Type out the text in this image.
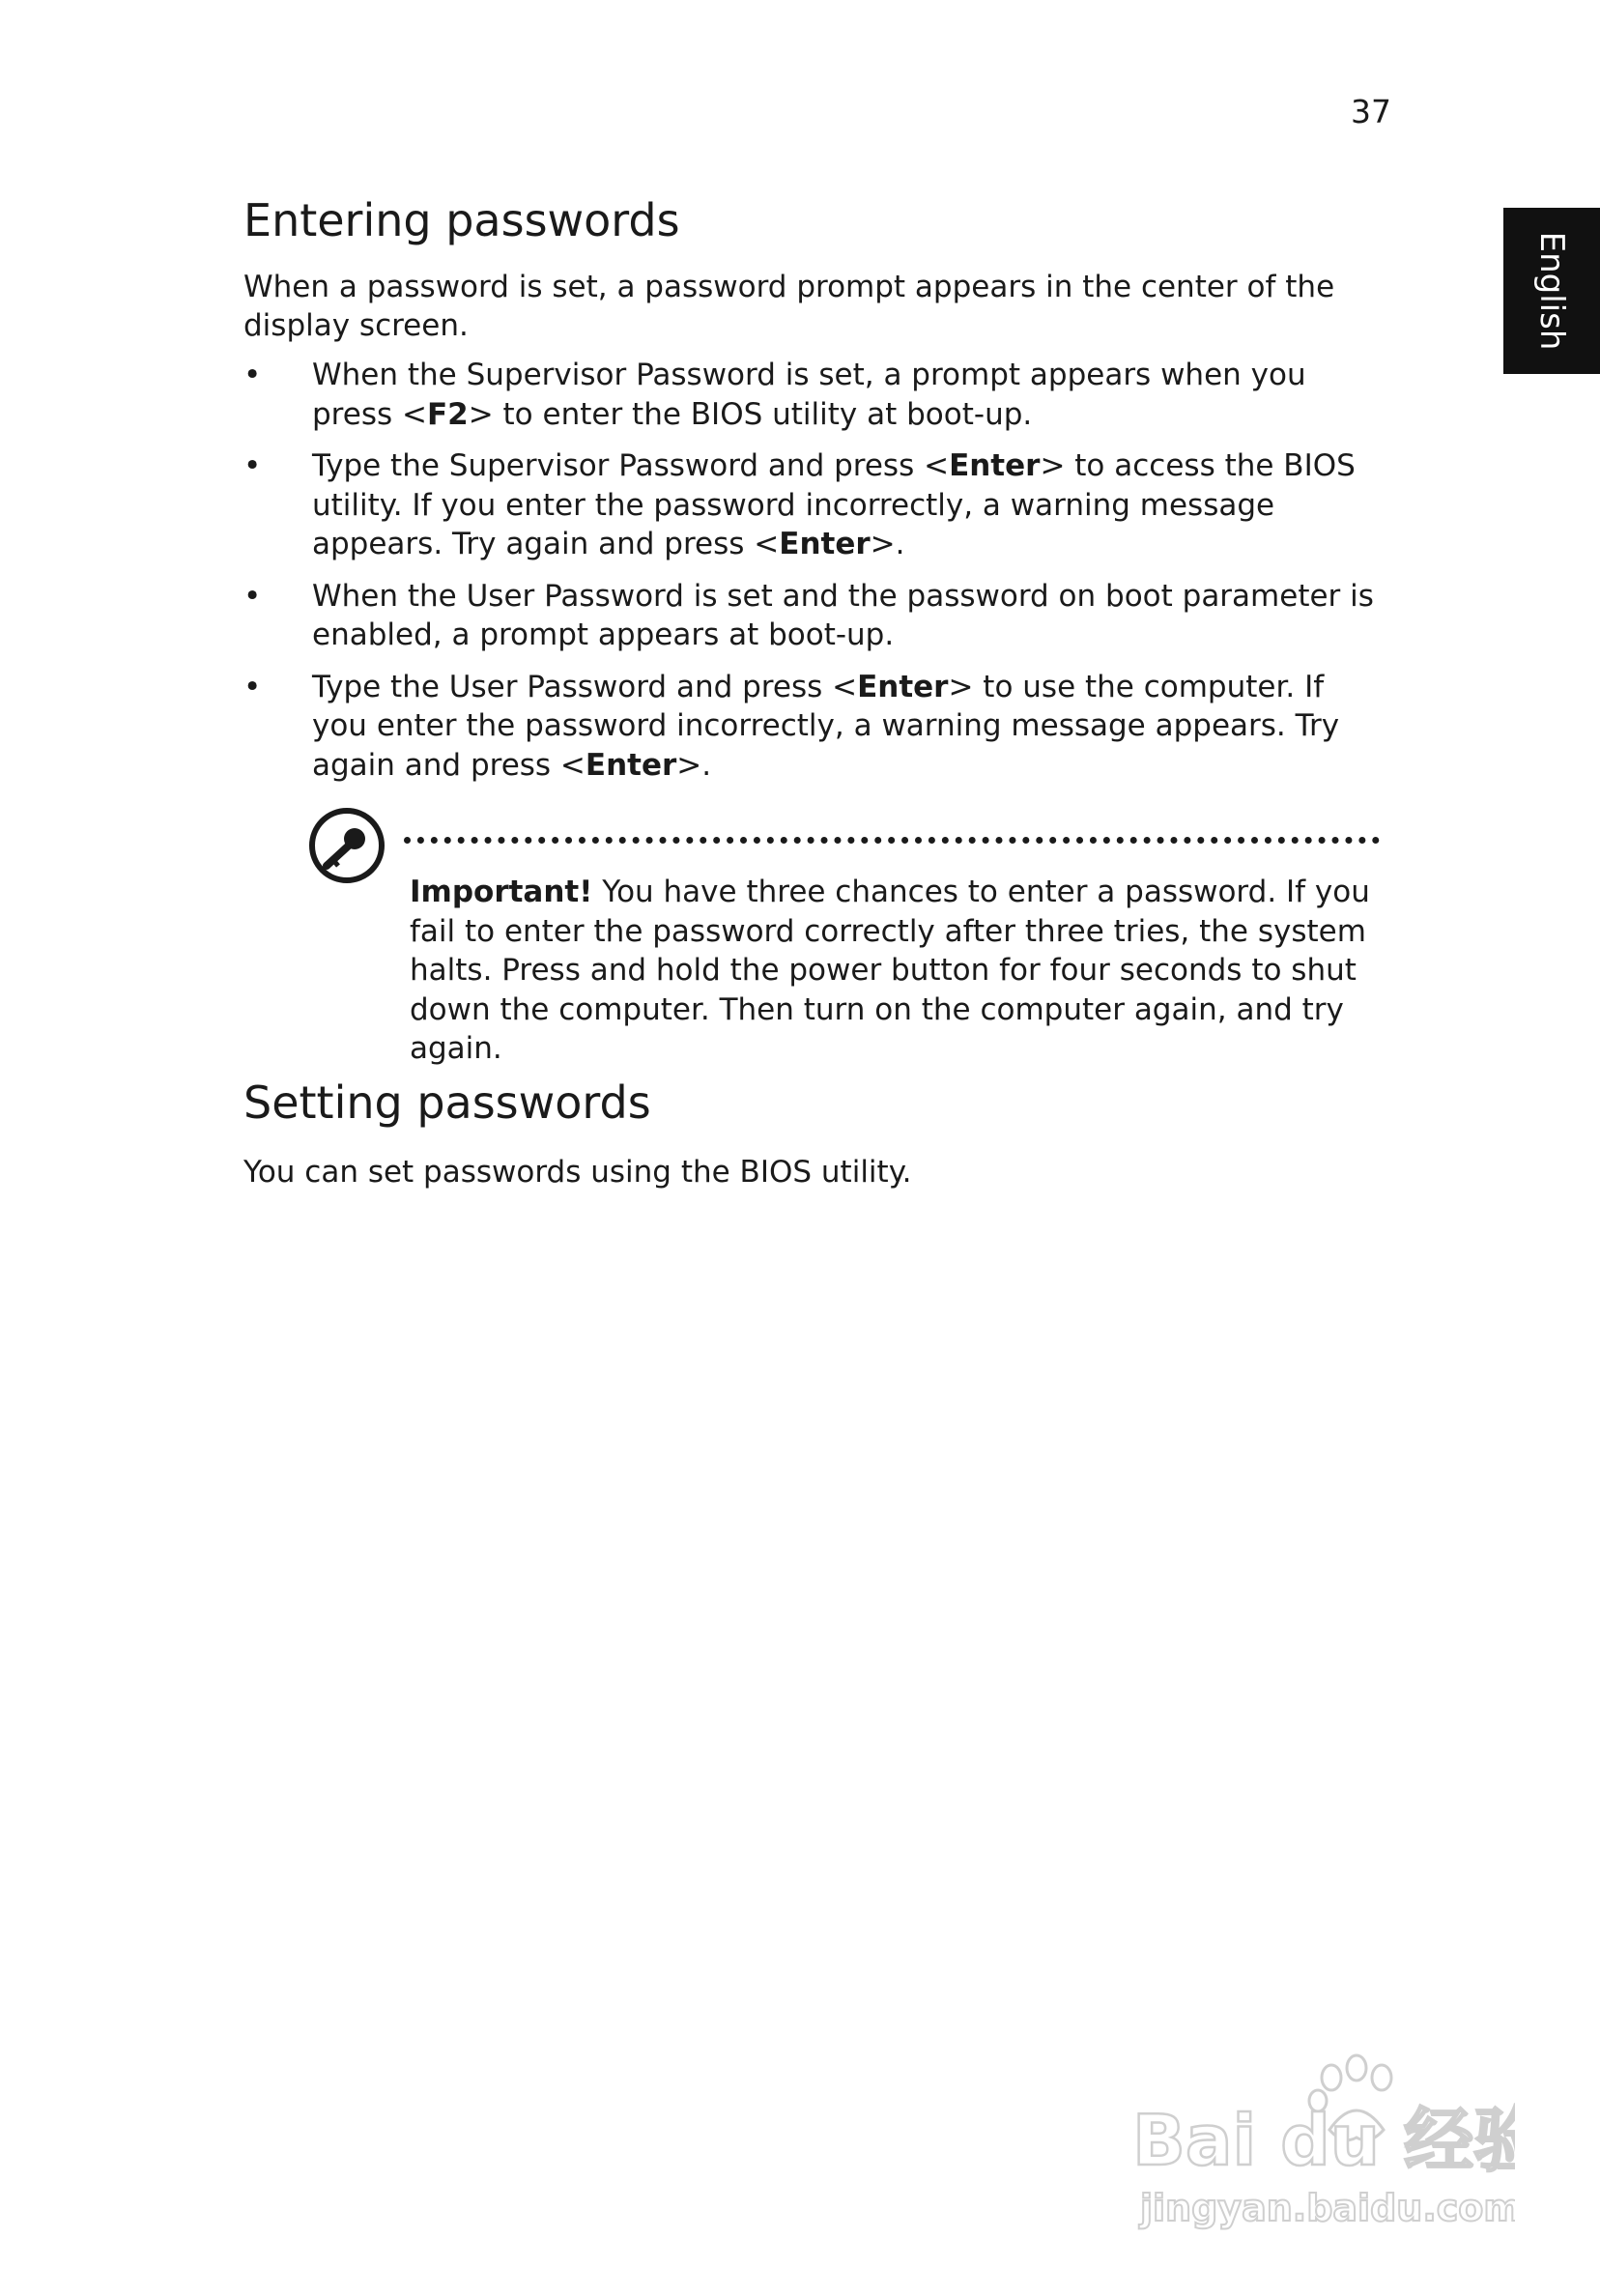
37
English
Entering passwords

When a password is set, a password prompt appears in the center of the display screen.

• When the Supervisor Password is set, a prompt appears when you press <F2> to enter the BIOS utility at boot-up.
• Type the Supervisor Password and press <Enter> to access the BIOS utility. If you enter the password incorrectly, a warning message appears. Try again and press <Enter>.
• When the User Password is set and the password on boot parameter is enabled, a prompt appears at boot-up.
• Type the User Password and press <Enter> to use the computer. If you enter the password incorrectly, a warning message appears. Try again and press <Enter>.
Setting passwords

You can set passwords using the BIOS utility.

Important! You have three chances to enter a password. If you fail to enter the password correctly after three tries, the system halts. Press and hold the power button for four seconds to shut down the computer. Then turn on the computer again, and try again.

Bai du 经验
jingyan.baidu.com
